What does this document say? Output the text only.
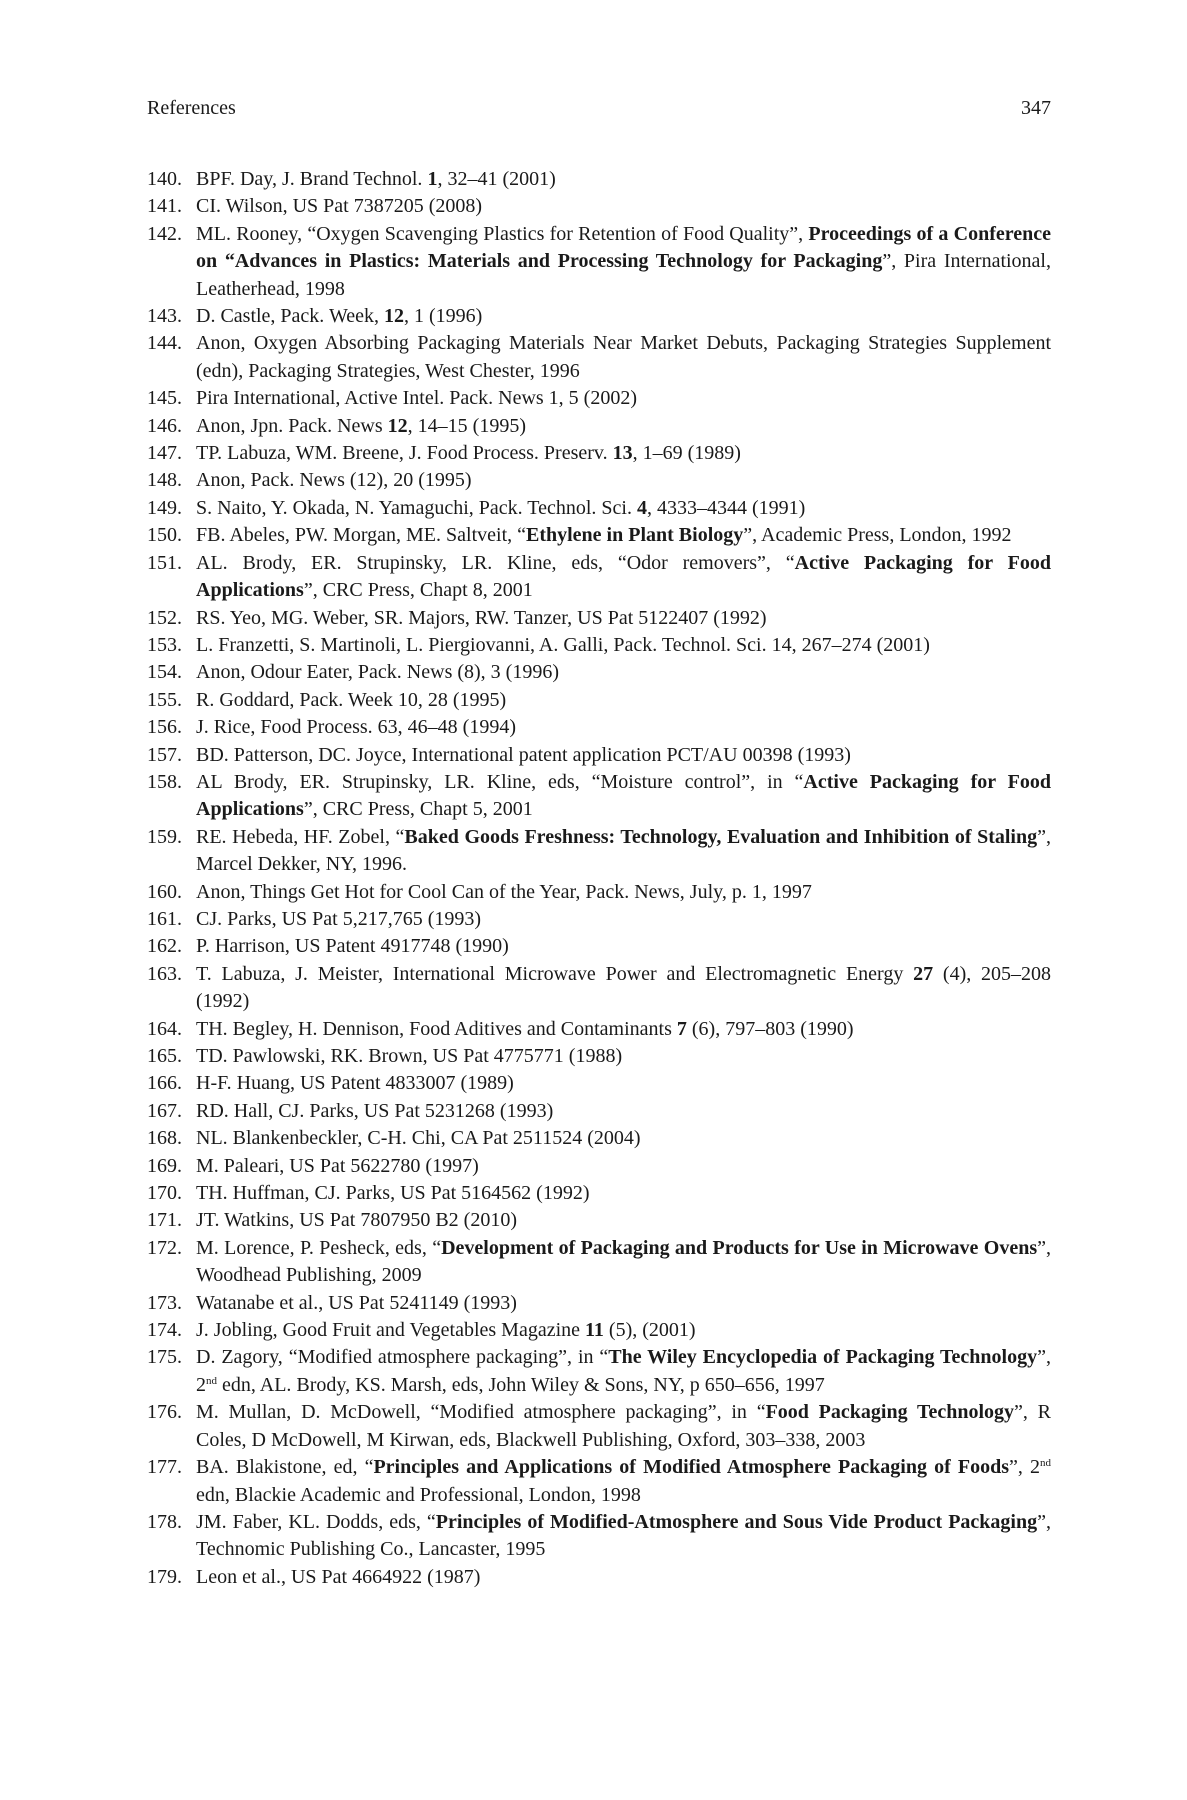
References	347
140. BPF. Day, J. Brand Technol. 1, 32–41 (2001)
141. CI. Wilson, US Pat 7387205 (2008)
142. ML. Rooney, “Oxygen Scavenging Plastics for Retention of Food Quality”, Proceedings of a Conference on “Advances in Plastics: Materials and Processing Technology for Packaging”, Pira International, Leatherhead, 1998
143. D. Castle, Pack. Week, 12, 1 (1996)
144. Anon, Oxygen Absorbing Packaging Materials Near Market Debuts, Packaging Strategies Supplement (edn), Packaging Strategies, West Chester, 1996
145. Pira International, Active Intel. Pack. News 1, 5 (2002)
146. Anon, Jpn. Pack. News 12, 14–15 (1995)
147. TP. Labuza, WM. Breene, J. Food Process. Preserv. 13, 1–69 (1989)
148. Anon, Pack. News (12), 20 (1995)
149. S. Naito, Y. Okada, N. Yamaguchi, Pack. Technol. Sci. 4, 4333–4344 (1991)
150. FB. Abeles, PW. Morgan, ME. Saltveit, “Ethylene in Plant Biology”, Academic Press, London, 1992
151. AL. Brody, ER. Strupinsky, LR. Kline, eds, “Odor removers”, “Active Packaging for Food Applications”, CRC Press, Chapt 8, 2001
152. RS. Yeo, MG. Weber, SR. Majors, RW. Tanzer, US Pat 5122407 (1992)
153. L. Franzetti, S. Martinoli, L. Piergiovanni, A. Galli, Pack. Technol. Sci. 14, 267–274 (2001)
154. Anon, Odour Eater, Pack. News (8), 3 (1996)
155. R. Goddard, Pack. Week 10, 28 (1995)
156. J. Rice, Food Process. 63, 46–48 (1994)
157. BD. Patterson, DC. Joyce, International patent application PCT/AU 00398 (1993)
158. AL Brody, ER. Strupinsky, LR. Kline, eds, “Moisture control”, in “Active Packaging for Food Applications”, CRC Press, Chapt 5, 2001
159. RE. Hebeda, HF. Zobel, “Baked Goods Freshness: Technology, Evaluation and Inhibition of Staling”, Marcel Dekker, NY, 1996.
160. Anon, Things Get Hot for Cool Can of the Year, Pack. News, July, p. 1, 1997
161. CJ. Parks, US Pat 5,217,765 (1993)
162. P. Harrison, US Patent 4917748 (1990)
163. T. Labuza, J. Meister, International Microwave Power and Electromagnetic Energy 27 (4), 205–208 (1992)
164. TH. Begley, H. Dennison, Food Aditives and Contaminants 7 (6), 797–803 (1990)
165. TD. Pawlowski, RK. Brown, US Pat 4775771 (1988)
166. H-F. Huang, US Patent 4833007 (1989)
167. RD. Hall, CJ. Parks, US Pat 5231268 (1993)
168. NL. Blankenbeckler, C-H. Chi, CA Pat 2511524 (2004)
169. M. Paleari, US Pat 5622780 (1997)
170. TH. Huffman, CJ. Parks, US Pat 5164562 (1992)
171. JT. Watkins, US Pat 7807950 B2 (2010)
172. M. Lorence, P. Pesheck, eds, “Development of Packaging and Products for Use in Microwave Ovens”, Woodhead Publishing, 2009
173. Watanabe et al., US Pat 5241149 (1993)
174. J. Jobling, Good Fruit and Vegetables Magazine 11 (5), (2001)
175. D. Zagory, “Modified atmosphere packaging”, in “The Wiley Encyclopedia of Packaging Technology”, 2nd edn, AL. Brody, KS. Marsh, eds, John Wiley & Sons, NY, p 650–656, 1997
176. M. Mullan, D. McDowell, “Modified atmosphere packaging”, in “Food Packaging Technology”, R Coles, D McDowell, M Kirwan, eds, Blackwell Publishing, Oxford, 303–338, 2003
177. BA. Blakistone, ed, “Principles and Applications of Modified Atmosphere Packaging of Foods”, 2nd edn, Blackie Academic and Professional, London, 1998
178. JM. Faber, KL. Dodds, eds, “Principles of Modified-Atmosphere and Sous Vide Product Packaging”, Technomic Publishing Co., Lancaster, 1995
179. Leon et al., US Pat 4664922 (1987)
